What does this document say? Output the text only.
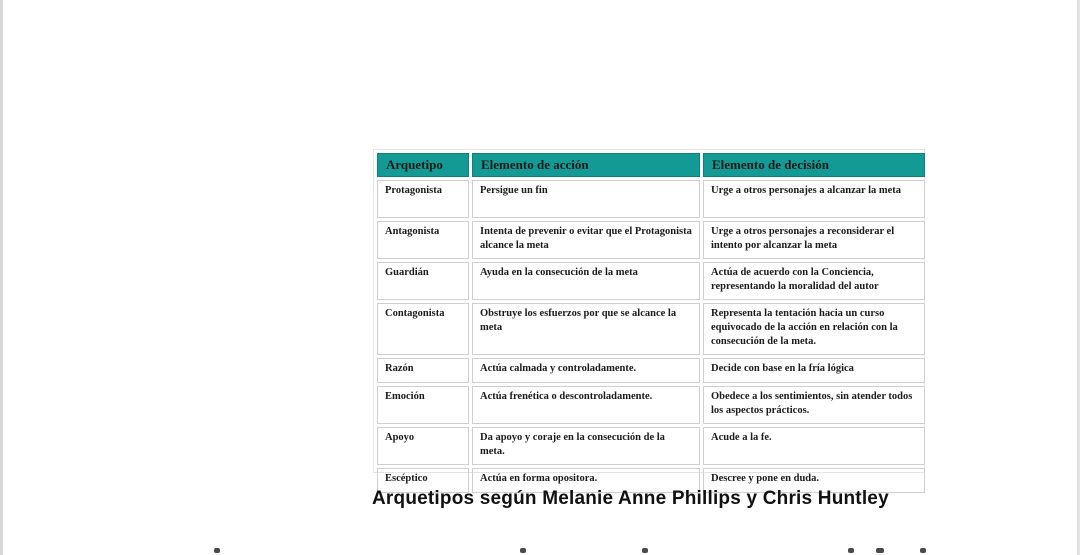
Arquetipo	Elemento de acción	Elemento de decisión
Protagonista	Persigue un fin	Urge a otros personajes a alcanzar la meta
Antagonista	Intenta de prevenir o evitar que el Protagonista alcance la meta	Urge a otros personajes a reconsiderar el intento por alcanzar la meta
Guardián	Ayuda en la consecución de la meta	Actúa de acuerdo con la Conciencia, representando la moralidad del autor
Contagonista	Obstruye los esfuerzos por que se alcance la meta	Representa la tentación hacia un curso equivocado de la acción en relación con la consecución de la meta.
Razón	Actúa calmada y controladamente.	Decide con base en la fría lógica
Emoción	Actúa frenética o descontroladamente.	Obedece a los sentimientos, sin atender todos los aspectos prácticos.
Apoyo	Da apoyo y coraje en la consecución de la meta.	Acude a la fe.
Escéptico	Actúa en forma opositora.	Descree y pone en duda.
Arquetipos según Melanie Anne Phillips y Chris Huntley
